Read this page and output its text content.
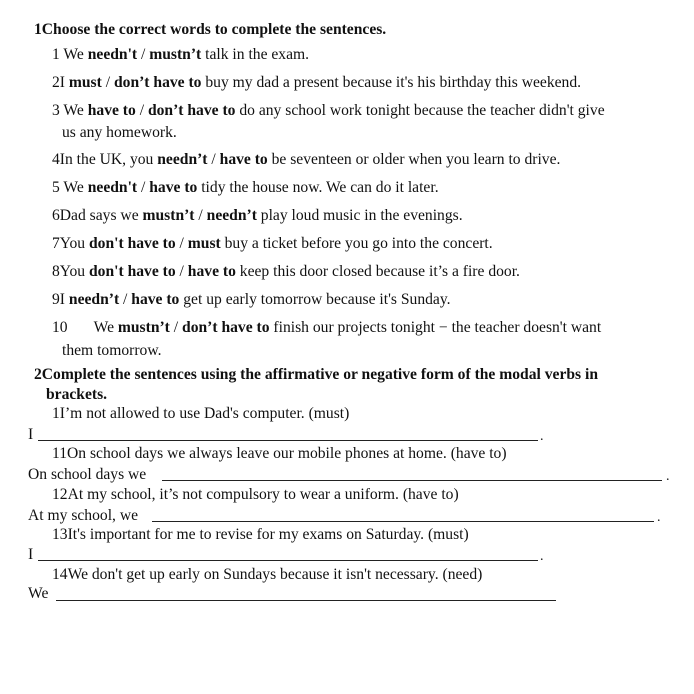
1Choose the correct words to complete the sentences.
1 We needn't / mustn’t talk in the exam.
2I must / don’t have to buy my dad a present because it's his birthday this weekend.
3 We have to / don’t have to do any school work tonight because the teacher didn't give
us any homework.
4In the UK, you needn’t / have to be seventeen or older when you learn to drive.
5 We needn't / have to tidy the house now. We can do it later.
6Dad says we mustn’t / needn’t play loud music in the evenings.
7You don't have to / must buy a ticket before you go into the concert.
8You don't have to / have to keep this door closed because it’s a fire door.
9I needn’t / have to get up early tomorrow because it's Sunday.
10 We mustn’t / don’t have to finish our projects tonight − the teacher doesn't want
them tomorrow.
2Complete the sentences using the affirmative or negative form of the modal verbs in
brackets.
1I’m not allowed to use Dad's computer. (must)
I	.
11On school days we always leave our mobile phones at home. (have to)
On school days we	.
12At my school, it’s not compulsory to wear a uniform. (have to)
At my school, we	.
13It's important for me to revise for my exams on Saturday. (must)
I	.
14We don't get up early on Sundays because it isn't necessary. (need)
We
